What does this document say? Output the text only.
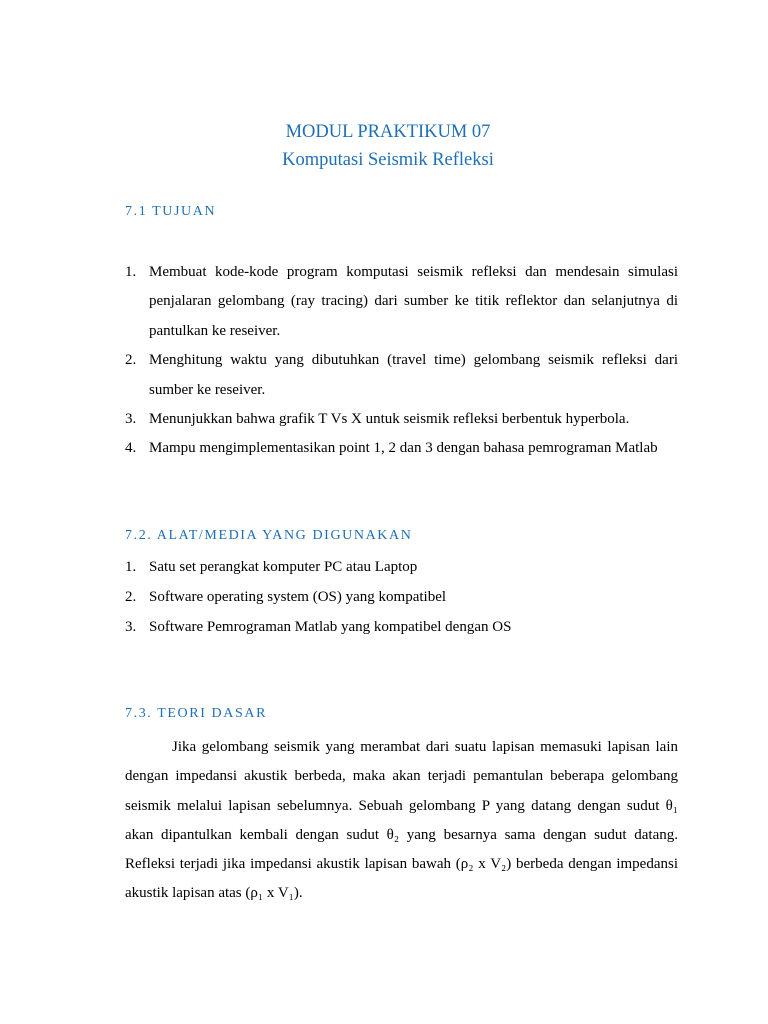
MODUL PRAKTIKUM 07
Komputasi Seismik Refleksi
7.1 TUJUAN
1. Membuat kode-kode program komputasi seismik refleksi dan mendesain simulasi penjalaran gelombang (ray tracing) dari sumber ke titik reflektor dan selanjutnya di pantulkan ke reseiver.
2. Menghitung waktu yang dibutuhkan (travel time) gelombang seismik refleksi dari sumber ke reseiver.
3. Menunjukkan bahwa grafik T Vs X untuk seismik refleksi berbentuk hyperbola.
4. Mampu mengimplementasikan point 1, 2 dan 3 dengan bahasa pemrograman Matlab
7.2. ALAT/MEDIA YANG DIGUNAKAN
1. Satu set perangkat komputer PC atau Laptop
2. Software operating system (OS) yang kompatibel
3. Software Pemrograman Matlab yang kompatibel dengan OS
7.3. TEORI DASAR
Jika gelombang seismik yang merambat dari suatu lapisan memasuki lapisan lain dengan impedansi akustik berbeda, maka akan terjadi pemantulan beberapa gelombang seismik melalui lapisan sebelumnya. Sebuah gelombang P yang datang dengan sudut θ₁ akan dipantulkan kembali dengan sudut θ₂ yang besarnya sama dengan sudut datang. Refleksi terjadi jika impedansi akustik lapisan bawah (ρ₂ x V₂) berbeda dengan impedansi akustik lapisan atas (ρ₁ x V₁).
